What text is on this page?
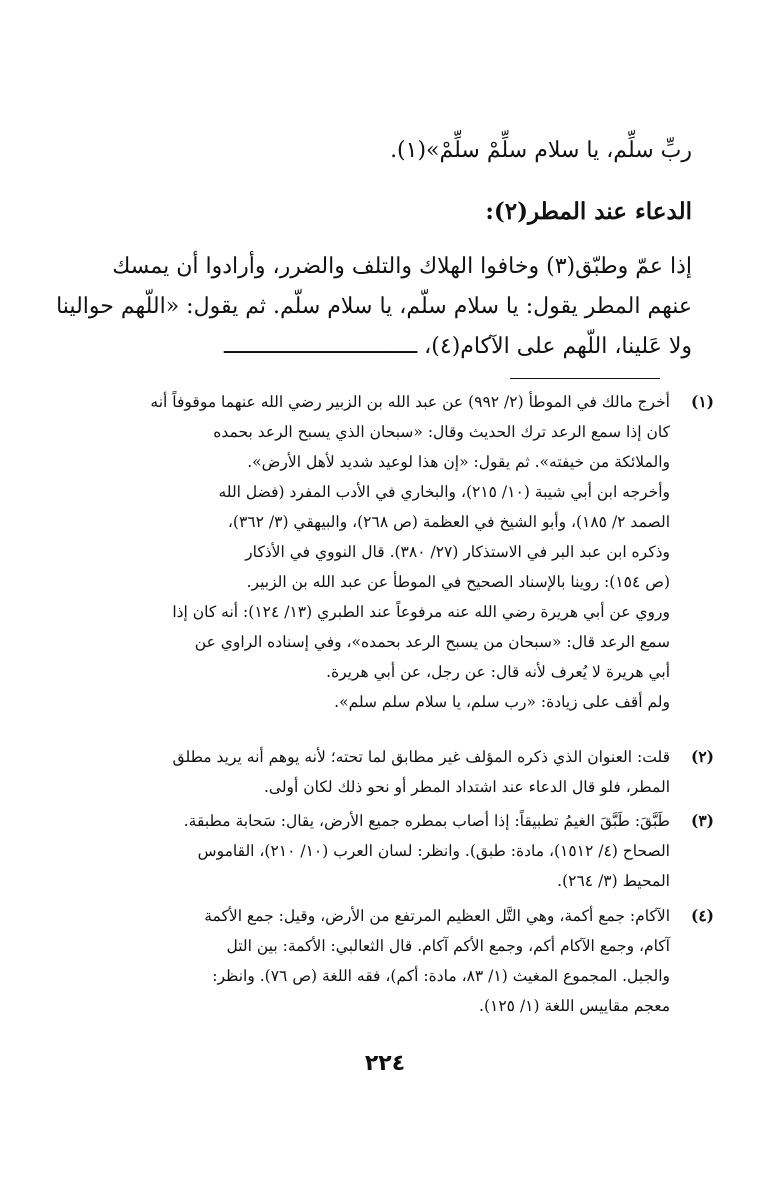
ربِّ سلِّم، يا سلام سلِّمْ سلِّمْ»(١).
الدعاء عند المطر(٢):
إذا عمّ وطبّق(٣) وخافوا الهلاك والتلف والضرر، وأرادوا أن يمسك
عنهم المطر يقول: يا سلام سلّم، يا سلام سلّم. ثم يقول: «اللّهم حوالينا
ولا عَلينا، اللّهم على الآكام(٤)، ــــــــــــــــــــــــــــــ
(١)

أخرج مالك في الموطأ (٢/ ٩٩٢) عن عبد الله بن الزبير رضي الله عنهما موقوفاً أنه

كان إذا سمع الرعد ترك الحديث وقال: «سبحان الذي يسبح الرعد بحمده

والملائكة من خيفته». ثم يقول: «إن هذا لوعيد شديد لأهل الأرض».

وأخرجه ابن أبي شيبة (١٠/ ٢١٥)، والبخاري في الأدب المفرد (فضل الله

الصمد ٢/ ١٨٥)، وأبو الشيخ في العظمة (ص ٢٦٨)، والبيهقي (٣/ ٣٦٢)،

وذكره ابن عبد البر في الاستذكار (٢٧/ ٣٨٠). قال النووي في الأذكار

(ص ١٥٤): روينا بالإسناد الصحيح في الموطأ عن عبد الله بن الزبير.

وروي عن أبي هريرة رضي الله عنه مرفوعاً عند الطبري (١٣/ ١٢٤): أنه كان إذا

سمع الرعد قال: «سبحان من يسبح الرعد بحمده»، وفي إسناده الراوي عن

أبي هريرة لا يُعرف لأنه قال: عن رجل، عن أبي هريرة.

ولم أقف على زيادة: «رب سلم، يا سلام سلم سلم».

(٢)

قلت: العنوان الذي ذكره المؤلف غير مطابق لما تحته؛ لأنه يوهم أنه يريد مطلق

المطر، فلو قال الدعاء عند اشتداد المطر أو نحو ذلك لكان أولى.

(٣)

طَبَّقَ: طَبَّقَ الغيمُ تطبيقاً: إذا أصاب بمطره جميع الأرض، يقال: سَحابة مطبقة.

الصحاح (٤/ ١٥١٢)، مادة: طبق). وانظر: لسان العرب (١٠/ ٢١٠)، القاموس

المحيط (٣/ ٢٦٤).

(٤)

الآكام: جمع أكمة، وهي التَّل العظيم المرتفع من الأرض، وقيل: جمع الأكمة

آكام، وجمع الآكام أكم، وجمع الأكم آكام. قال الثعالبي: الأكمة: بين التل

والجبل. المجموع المغيث (١/ ٨٣، مادة: أكم)، فقه اللغة (ص ٧٦). وانظر:

معجم مقاييس اللغة (١/ ١٢٥).

٢٢٤
